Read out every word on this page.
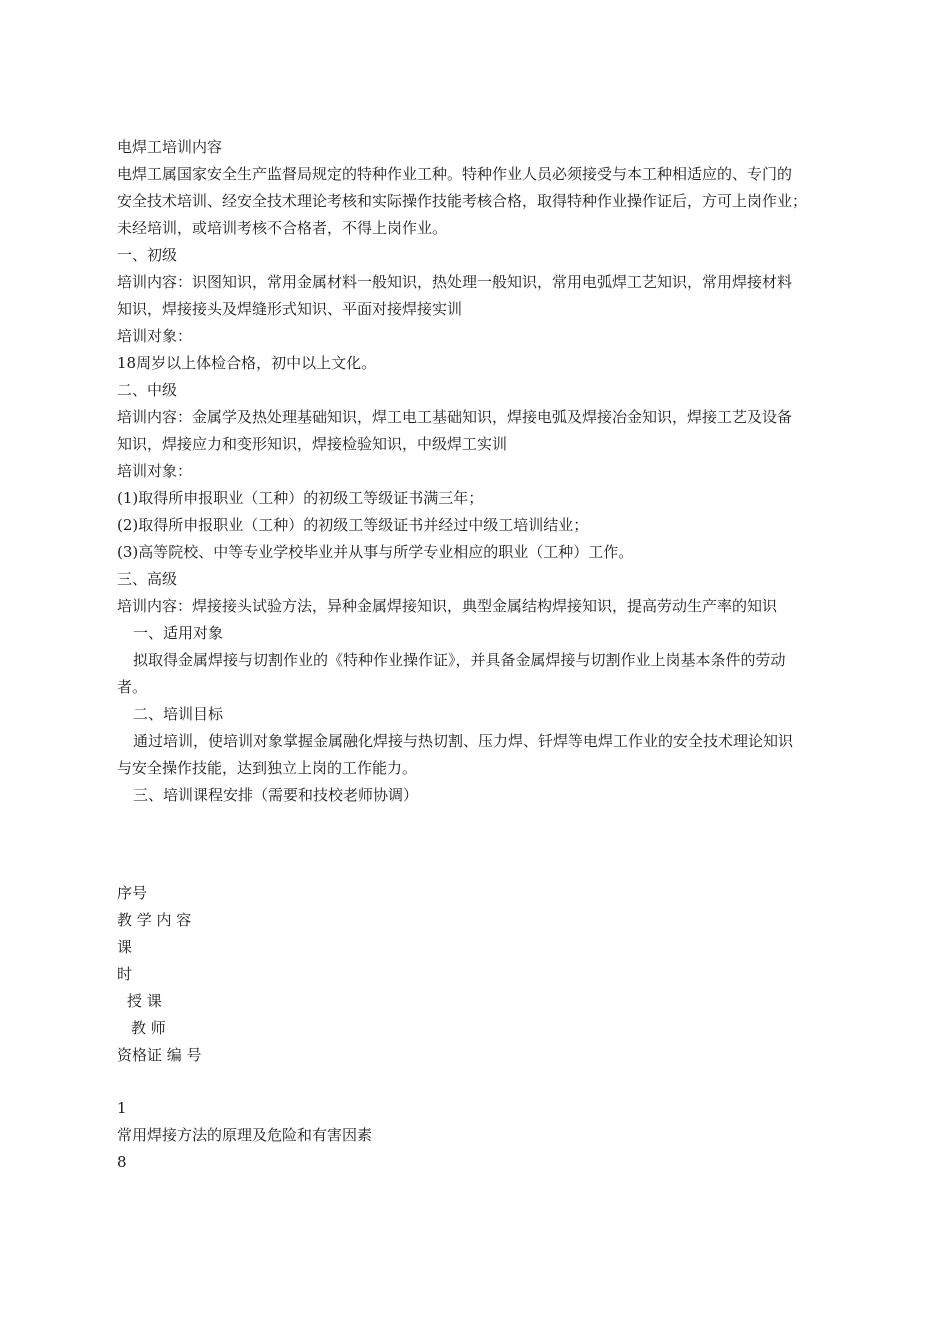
电焊工培训内容
电焊工属国家安全生产监督局规定的特种作业工种。特种作业人员必须接受与本工种相适应的、专门的
安全技术培训、经安全技术理论考核和实际操作技能考核合格，取得特种作业操作证后，方可上岗作业；
未经培训，或培训考核不合格者，不得上岗作业。
一、初级
培训内容：识图知识，常用金属材料一般知识，热处理一般知识，常用电弧焊工艺知识，常用焊接材料
知识，焊接接头及焊缝形式知识、平面对接焊接实训
培训对象：
18周岁以上体检合格，初中以上文化。
二、中级
培训内容：金属学及热处理基础知识，焊工电工基础知识，焊接电弧及焊接冶金知识，焊接工艺及设备
知识，焊接应力和变形知识，焊接检验知识，中级焊工实训
培训对象：
(1)取得所申报职业（工种）的初级工等级证书满三年；
(2)取得所申报职业（工种）的初级工等级证书并经过中级工培训结业；
(3)高等院校、中等专业学校毕业并从事与所学专业相应的职业（工种）工作。
三、高级
培训内容：焊接接头试验方法，异种金属焊接知识，典型金属结构焊接知识，提高劳动生产率的知识
一、适用对象
拟取得金属焊接与切割作业的《特种作业操作证》，并具备金属焊接与切割作业上岗基本条件的劳动
者。
二、培训目标
通过培训，使培训对象掌握金属融化焊接与热切割、压力焊、钎焊等电焊工作业的安全技术理论知识
与安全操作技能，达到独立上岗的工作能力。
三、培训课程安排（需要和技校老师协调）
序号
教 学 内 容
课
时
授 课
教 师
资格证 编 号
1
常用焊接方法的原理及危险和有害因素
8
